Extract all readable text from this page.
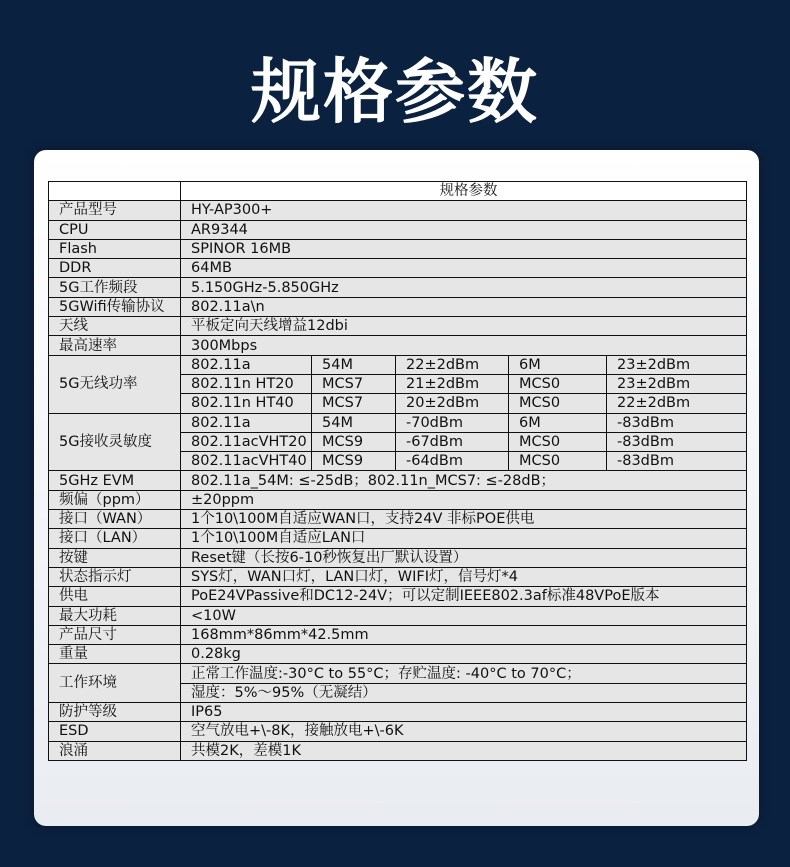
规格参数
	规格参数				
产品型号	HY-AP300+				
CPU	AR9344				
Flash	SPINOR 16MB				
DDR	64MB				
5G工作频段	5.150GHz-5.850GHz				
5GWifi传输协议	802.11a\n				
天线	平板定向天线增益12dbi				
最高速率	300Mbps				
5G无线功率	802.11a	54M	22±2dBm	6M	23±2dBm
	802.11n HT20	MCS7	21±2dBm	MCS0	23±2dBm
	802.11n HT40	MCS7	20±2dBm	MCS0	22±2dBm
5G接收灵敏度	802.11a	54M	-70dBm	6M	-83dBm
	802.11acVHT20	MCS9	-67dBm	MCS0	-83dBm
	802.11acVHT40	MCS9	-64dBm	MCS0	-83dBm
5GHz EVM	802.11a_54M: ≤-25dB；802.11n_MCS7: ≤-28dB；				
频偏（ppm）	±20ppm				
接口（WAN）	1个10\100M自适应WAN口，支持24V 非标POE供电				
接口（LAN）	1个10\100M自适应LAN口				
按键	Reset键（长按6-10秒恢复出厂默认设置）				
状态指示灯	SYS灯，WAN口灯，LAN口灯，WIFI灯，信号灯*4				
供电	PoE24VPassive和DC12-24V；可以定制IEEE802.3af标准48VPoE版本				
最大功耗	<10W				
产品尺寸	168mm*86mm*42.5mm				
重量	0.28kg				
工作环境	正常工作温度:-30°C to 55°C；存贮温度: -40°C to 70°C；				
	湿度：5%～95%（无凝结）				
防护等级	IP65				
ESD	空气放电+\-8K，接触放电+\-6K				
浪涌	共模2K，差模1K				
